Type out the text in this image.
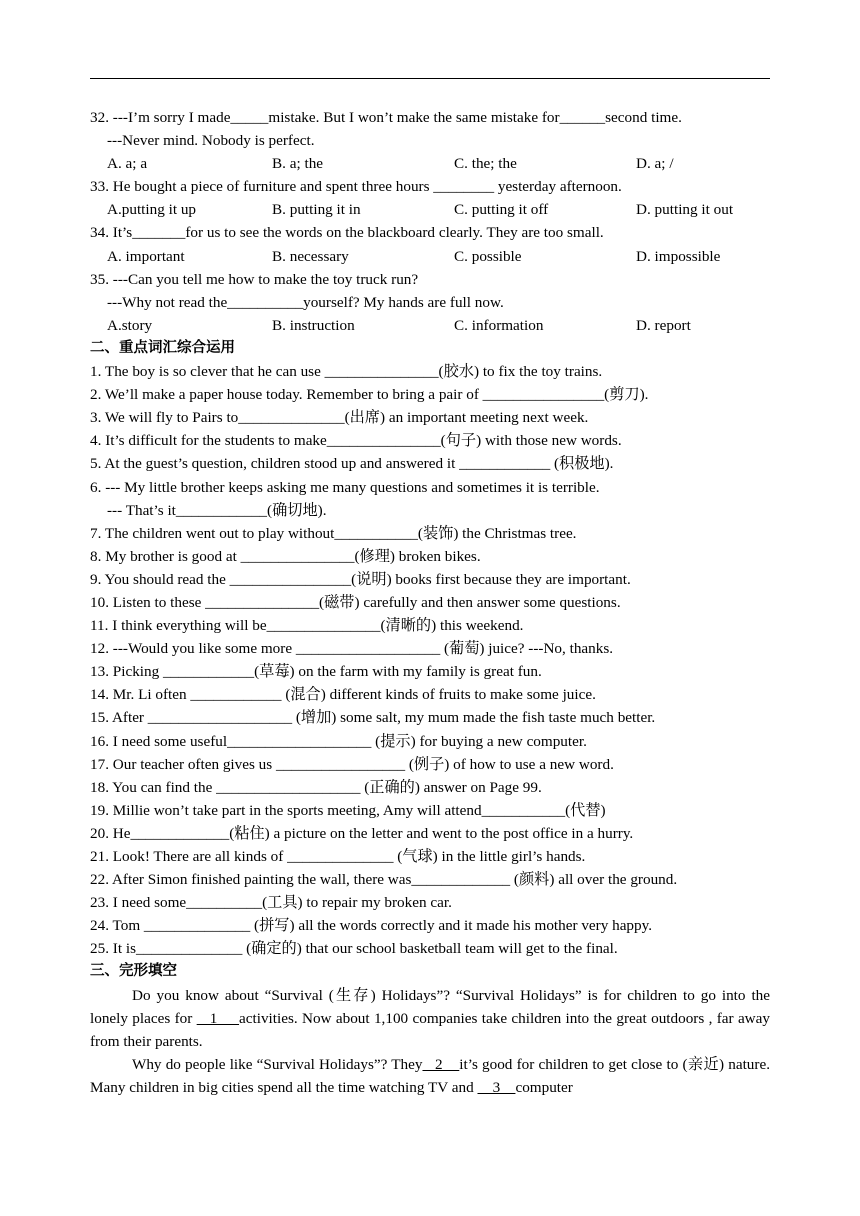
32. ---I’m sorry I made_____mistake. But I won’t make the same mistake for______second time.
---Never mind. Nobody is perfect.
A. a; a	B. a; the	C. the; the	D. a; /
33. He bought a piece of furniture and spent three hours ________ yesterday afternoon.
A.putting it up	B. putting it in	C. putting it off	D. putting it out
34. It’s_______for us to see the words on the blackboard clearly. They are too small.
A. important	B. necessary	C. possible	D. impossible
35. ---Can you tell me how to make the toy truck run?
---Why not read the__________yourself? My hands are full now.
A.story	B. instruction	C. information	D. report
二、重点词汇综合运用
1. The boy is so clever that he can use _______________(胶水) to fix the toy trains.
2. We’ll make a paper house today. Remember to bring a pair of ________________(剪刀).
3. We will fly to Pairs to______________(出席) an important meeting next week.
4. It’s difficult for the students to make_______________(句子) with those new words.
5. At the guest’s question, children stood up and answered it ____________ (积极地).
6. --- My little brother keeps asking me many questions and sometimes it is terrible.
--- That’s it____________(确切地).
7. The children went out to play without___________(装饰) the Christmas tree.
8. My brother is good at _______________(修理) broken bikes.
9. You should read the ________________(说明) books first because they are important.
10. Listen to these _______________(磁带) carefully and then answer some questions.
11. I think everything will be_______________(清晰的) this weekend.
12. ---Would you like some more ___________________ (葡萄) juice? ---No, thanks.
13. Picking ____________(草莓) on the farm with my family is great fun.
14. Mr. Li often ____________ (混合) different kinds of fruits to make some juice.
15. After ___________________ (增加) some salt, my mum made the fish taste much better.
16. I need some useful___________________ (提示) for buying a new computer.
17. Our teacher often gives us _________________ (例子) of how to use a new word.
18. You can find the ___________________ (正确的) answer on Page 99.
19. Millie won’t take part in the sports meeting, Amy will attend___________(代替)
20. He_____________(粘住) a picture on the letter and went to the post office in a hurry.
21. Look! There are all kinds of ______________ (气球) in the little girl’s hands.
22. After Simon finished painting the wall, there was_____________ (颜料) all over the ground.
23. I need some__________(工具) to repair my broken car.
24. Tom ______________ (拼写) all the words correctly and it made his mother very happy.
25. It is______________ (确定的) that our school basketball team will get to the final.
三、完形填空
Do you know about “Survival (生存) Holidays”? “Survival Holidays” is for children to go into the lonely places for    1     activities. Now about 1,100 companies take children into the great outdoors , far away from their parents.
Why do people like “Survival Holidays”? They   2    it’s good for children to get close to (亲近) nature. Many children in big cities spend all the time watching TV and     3    computer
